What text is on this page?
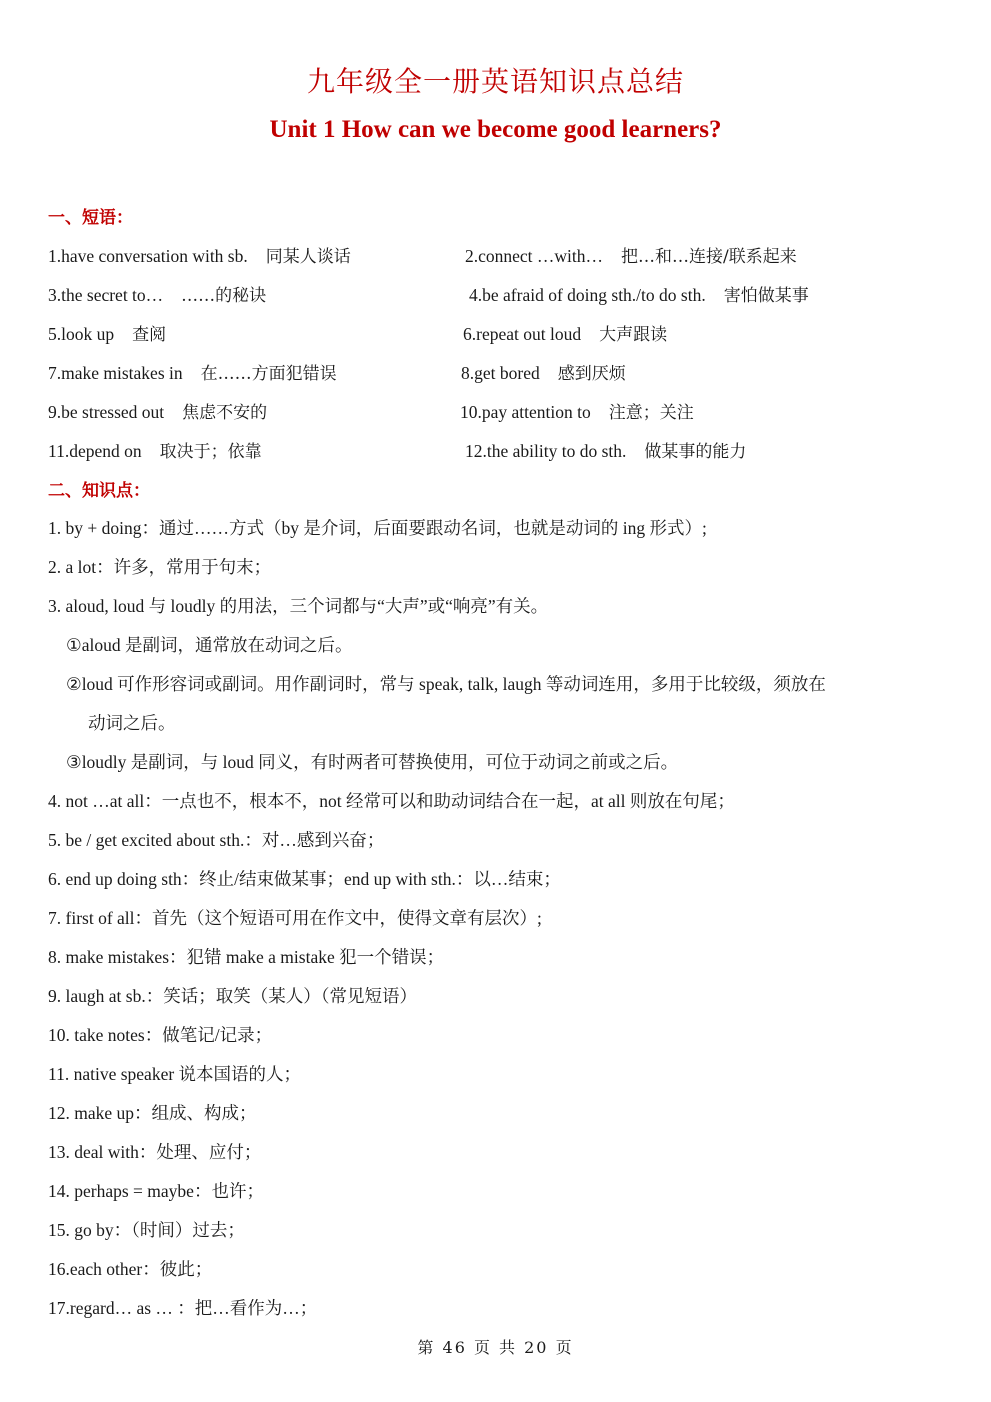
九年级全一册英语知识点总结
Unit 1 How can we become good learners?
一、短语：
1.have conversation with sb. 同某人谈话	2.connect …with… 把…和…连接/联系起来
3.the secret to… ……的秘诀	4.be afraid of doing sth./to do sth. 害怕做某事
5.look up 查阅	6.repeat out loud 大声跟读
7.make mistakes in 在……方面犯错误	8.get bored 感到厌烦
9.be stressed out 焦虑不安的	10.pay attention to 注意；关注
11.depend on 取决于；依靠	12.the ability to do sth. 做某事的能力
二、知识点：
1. by + doing：通过……方式（by 是介词，后面要跟动名词，也就是动词的 ing 形式）;
2. a lot：许多，常用于句末；
3. aloud, loud 与 loudly 的用法，三个词都与“大声”或“响亮”有关。
①aloud 是副词，通常放在动词之后。
②loud 可作形容词或副词。用作副词时，常与 speak, talk, laugh 等动词连用，多用于比较级，须放在
动词之后。
③loudly 是副词，与 loud 同义，有时两者可替换使用，可位于动词之前或之后。
4. not …at all：一点也不，根本不，not 经常可以和助动词结合在一起，at all 则放在句尾；
5. be / get excited about sth.：对…感到兴奋；
6. end up doing sth：终止/结束做某事；end up with sth.：以…结束；
7. first of all：首先（这个短语可用在作文中，使得文章有层次）;
8. make mistakes：犯错 make a mistake 犯一个错误；
9. laugh at sb.：笑话；取笑（某人）（常见短语）
10. take notes：做笔记/记录；
11. native speaker 说本国语的人；
12. make up：组成、构成；
13. deal with：处理、应付；
14. perhaps = maybe：也许；
15. go by：（时间）过去；
16.each other：彼此；
17.regard… as … ：把…看作为…；
第 46 页 共 20 页
